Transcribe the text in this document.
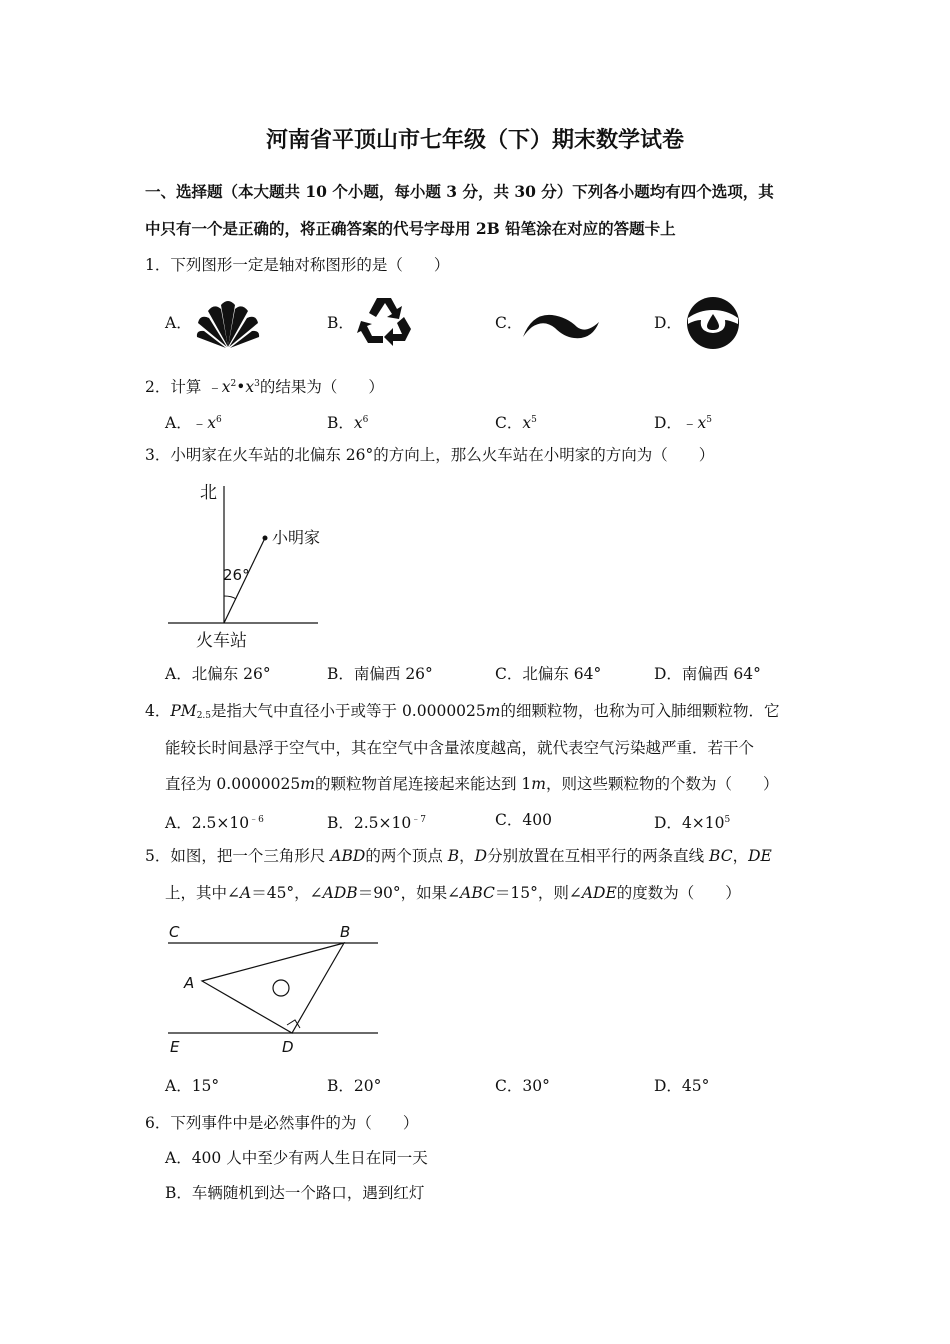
河南省平顶山市七年级（下）期末数学试卷
一、选择题（本大题共 10 个小题，每小题 3 分，共 30 分）下列各小题均有四个选项，其
中只有一个是正确的，将正确答案的代号字母用 2B 铅笔涂在对应的答题卡上
1．下列图形一定是轴对称图形的是（　　）
A．	B．	C．	D．
2．计算 $﹣x^2•x^3$的结果为（　　）
A．$﹣x^6$	B．$x^6$	C．$x^5$	D．$﹣x^5$
3．小明家在火车站的北偏东 26°的方向上，那么火车站在小明家的方向为（　　）
北
小明家
26°
火车站
A．北偏东 26°	B．南偏西 26°	C．北偏东 64°	D．南偏西 64°
4．$PM_{2.5}$是指大气中直径小于或等于 0.0000025m的细颗粒物，也称为可入肺细颗粒物．它
能较长时间悬浮于空气中，其在空气中含量浓度越高，就代表空气污染越严重．若干个
直径为 0.0000025m的颗粒物首尾连接起来能达到 1m，则这些颗粒物的个数为（　　）
A．$2.5\times 10^{﹣6}$	B．$2.5\times 10^{﹣7}$	C．400	D．$4\times 10^5$
5．如图，把一个三角形尺 ABD的两个顶点 B，D分别放置在互相平行的两条直线 BC，DE
上，其中∠A＝45°，∠ADB＝90°，如果∠ABC＝15°，则∠ADE的度数为（　　）
C	B
A
E	D
A．15°	B．20°	C．30°	D．45°
6．下列事件中是必然事件的为（　　）
A．400 人中至少有两人生日在同一天
B．车辆随机到达一个路口，遇到红灯
